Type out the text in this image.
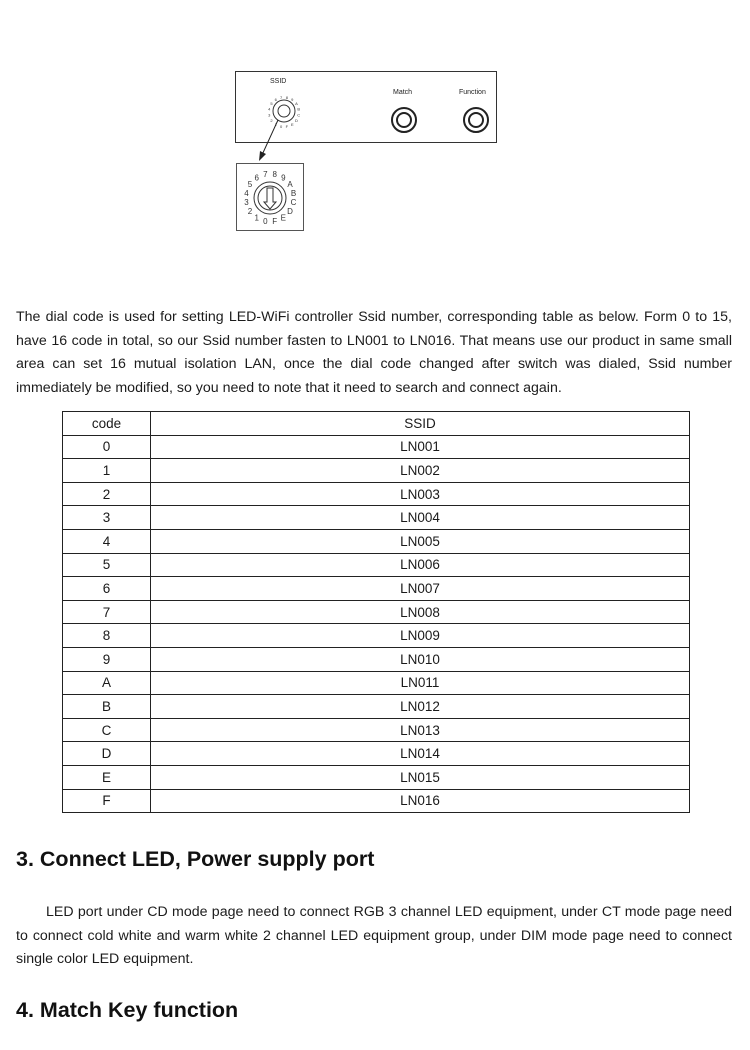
SSID
Match	Function
0
2
3
4
5
6 7 8 9
A
B
C
D
E
F
0
1
2
3
4
5
6 7 8 9
A
B
C
D
E
F

The dial code is used for setting LED-WiFi controller Ssid number, corresponding table as below. Form 0 to 15, have 16 code in total, so our Ssid number fasten to LN001 to LN016. That means use our product in same small area can set 16 mutual isolation LAN, once the dial code changed after switch was dialed, Ssid number immediately be modified, so you need to note that it need to search and connect again.

code	SSID
0	LN001
1	LN002
2	LN003
3	LN004
4	LN005
5	LN006
6	LN007
7	LN008
8	LN009
9	LN010
A	LN011
B	LN012
C	LN013
D	LN014
E	LN015
F	LN016
3. Connect LED, Power supply port

LED port under CD mode page need to connect RGB 3 channel LED equipment, under CT mode page need to connect cold white and warm white 2 channel LED equipment group, under DIM mode page need to connect single color LED equipment.

4. Match Key function
